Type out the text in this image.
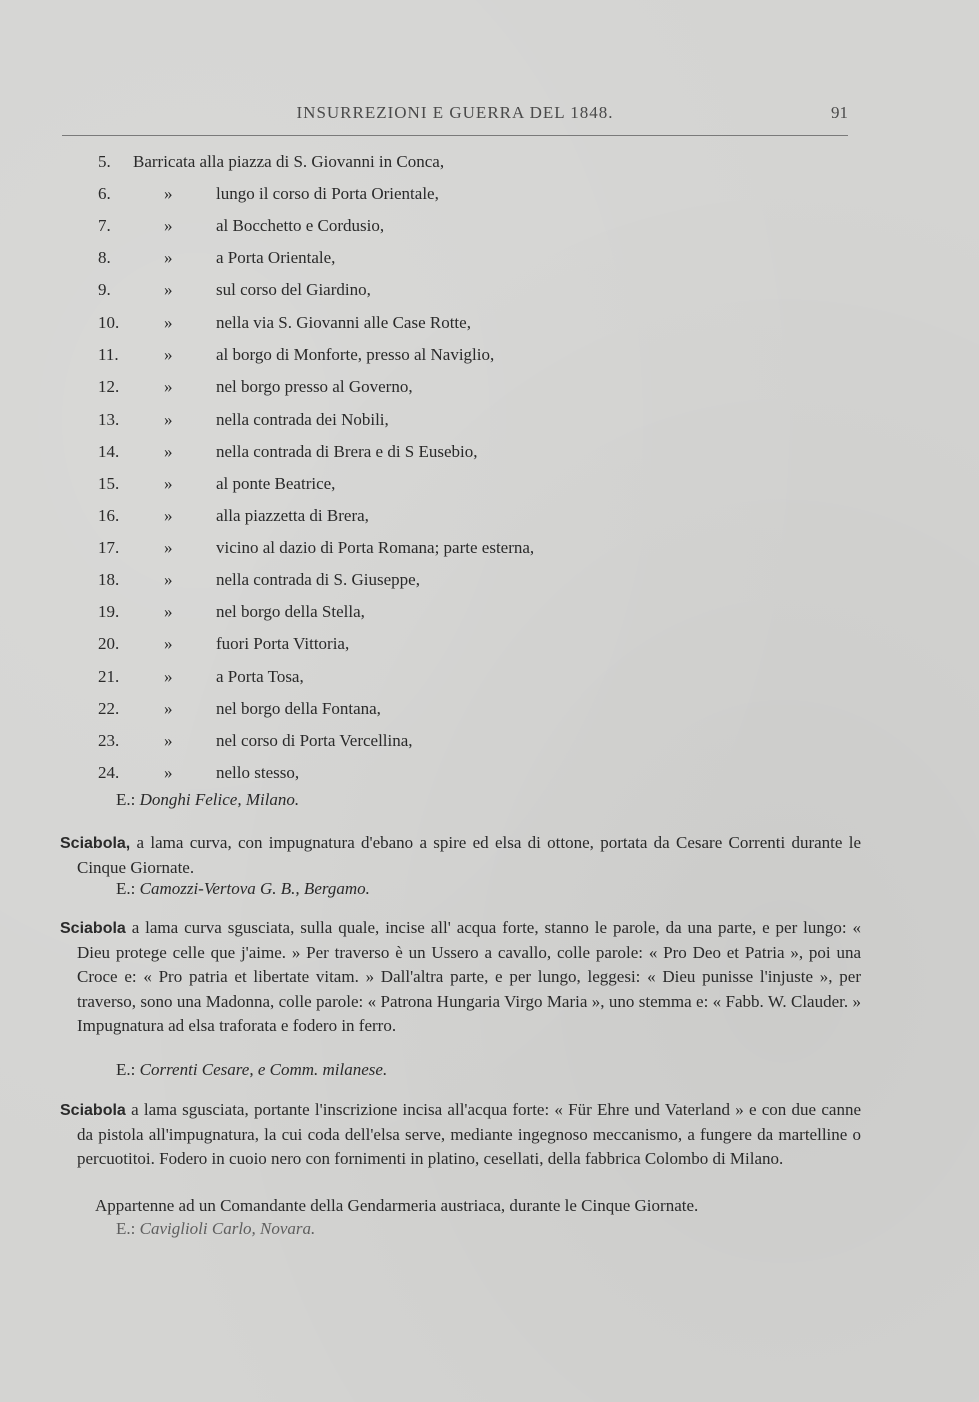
INSURREZIONI E GUERRA DEL 1848.	91
5.	Barricata alla piazza di S. Giovanni in Conca,
6.	»	lungo il corso di Porta Orientale,
7.	»	al Bocchetto e Cordusio,
8.	»	a Porta Orientale,
9.	»	sul corso del Giardino,
10.	»	nella via S. Giovanni alle Case Rotte,
11.	»	al borgo di Monforte, presso al Naviglio,
12.	»	nel borgo presso al Governo,
13.	»	nella contrada dei Nobili,
14.	»	nella contrada di Brera e di S Eusebio,
15.	»	al ponte Beatrice,
16.	»	alla piazzetta di Brera,
17.	»	vicino al dazio di Porta Romana; parte esterna,
18.	»	nella contrada di S. Giuseppe,
19.	»	nel borgo della Stella,
20.	»	fuori Porta Vittoria,
21.	»	a Porta Tosa,
22.	»	nel borgo della Fontana,
23.	»	nel corso di Porta Vercellina,
24.	»	nello stesso,
E.: Donghi Felice, Milano.
Sciabola, a lama curva, con impugnatura d'ebano a spire ed elsa di ottone, portata da Cesare Correnti durante le Cinque Giornate.
E.: Camozzi-Vertova G. B., Bergamo.
Sciabola a lama curva sgusciata, sulla quale, incise all' acqua forte, stanno le parole, da una parte, e per lungo: « Dieu protege celle que j'aime. » Per traverso è un Ussero a cavallo, colle parole: « Pro Deo et Patria », poi una Croce e: « Pro patria et libertate vitam. » Dall'altra parte, e per lungo, leggesi: « Dieu punisse l'injuste », per traverso, sono una Madonna, colle parole: « Patrona Hungaria Virgo Maria », uno stemma e: « Fabb. W. Clauder. » Impugnatura ad elsa traforata e fodero in ferro.
E.: Correnti Cesare, e Comm. milanese.
Sciabola a lama sgusciata, portante l'inscrizione incisa all'acqua forte: « Für Ehre und Vaterland » e con due canne da pistola all'impugnatura, la cui coda dell'elsa serve, mediante ingegnoso meccanismo, a fungere da martelline o percuotitoi. Fodero in cuoio nero con fornimenti in platino, cesellati, della fabbrica Colombo di Milano.
Appartenne ad un Comandante della Gendarmeria austriaca, durante le Cinque Giornate.
E.: Caviglioli Carlo, Novara.
